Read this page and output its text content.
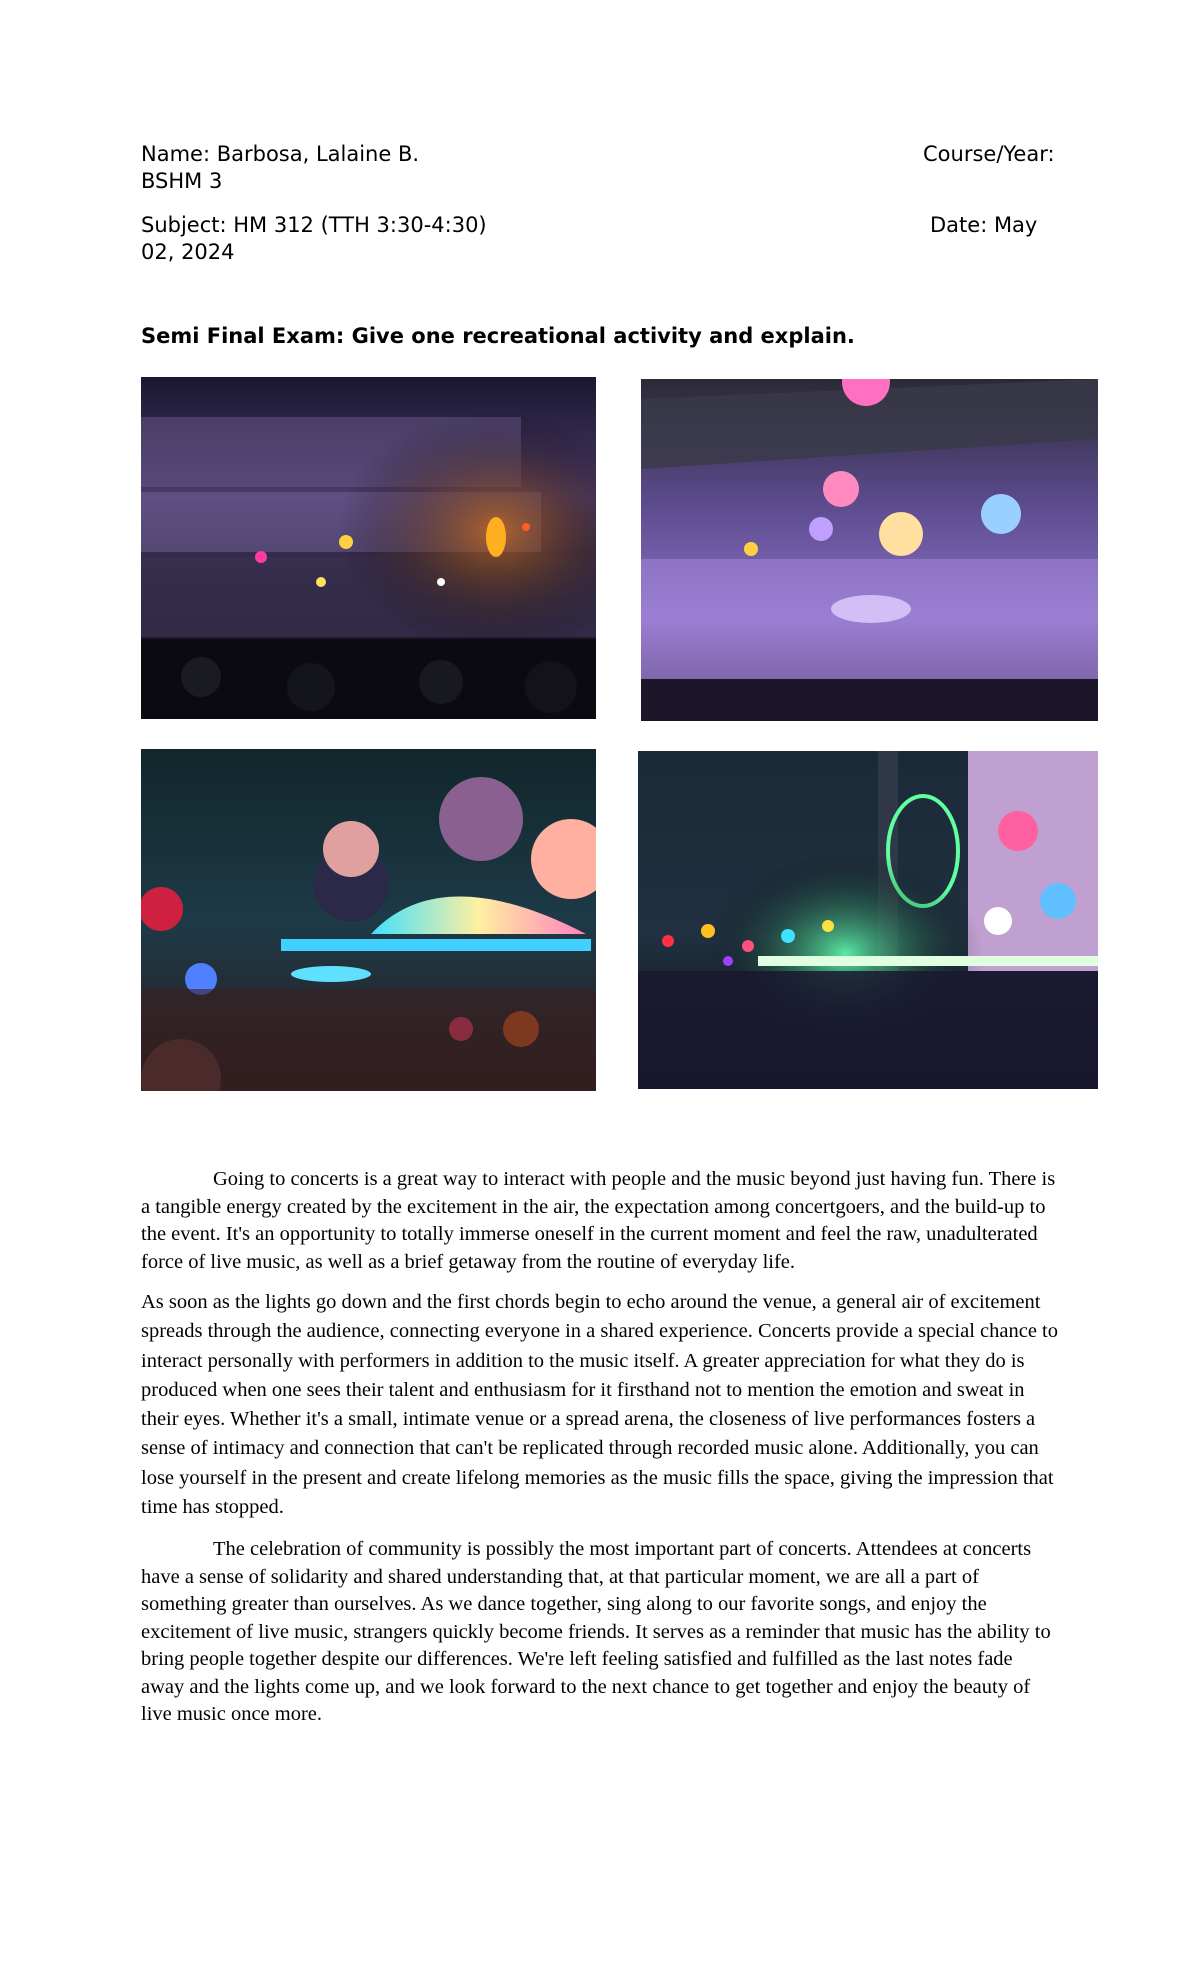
Name: Barbosa, Lalaine B.	Course/Year:
BSHM 3
Subject: HM 312 (TTH 3:30-4:30)	Date: May
02, 2024
Semi Final Exam: Give one recreational activity and explain.

Going to concerts is a great way to interact with people and the music beyond just having fun. There is a tangible energy created by the excitement in the air, the expectation among concertgoers, and the build-up to the event. It's an opportunity to totally immerse oneself in the current moment and feel the raw, unadulterated force of live music, as well as a brief getaway from the routine of everyday life.

As soon as the lights go down and the first chords begin to echo around the venue, a general air of excitement spreads through the audience, connecting everyone in a shared experience. Concerts provide a special chance to interact personally with performers in addition to the music itself. A greater appreciation for what they do is produced when one sees their talent and enthusiasm for it firsthand not to mention the emotion and sweat in their eyes. Whether it's a small, intimate venue or a spread arena, the closeness of live performances fosters a sense of intimacy and connection that can't be replicated through recorded music alone. Additionally, you can lose yourself in the present and create lifelong memories as the music fills the space, giving the impression that time has stopped.

The celebration of community is possibly the most important part of concerts. Attendees at concerts have a sense of solidarity and shared understanding that, at that particular moment, we are all a part of something greater than ourselves. As we dance together, sing along to our favorite songs, and enjoy the excitement of live music, strangers quickly become friends. It serves as a reminder that music has the ability to bring people together despite our differences. We're left feeling satisfied and fulfilled as the last notes fade away and the lights come up, and we look forward to the next chance to get together and enjoy the beauty of live music once more.
